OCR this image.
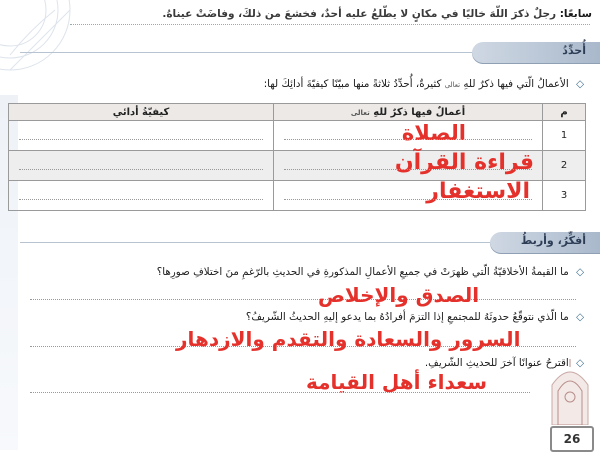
سابعًا: رجلٌ ذكرَ اللّهَ خاليًا في مكانٍ لا يطّلعُ عليه أحدٌ، فخشعَ من ذلكَ، وفاضَتْ عيناهُ.
أُحدِّدُ
◇ الأعمالُ الّتي فيها ذكرٌ للهِ تعالى كثيرةٌ، أُحدِّدُ ثلاثةً منها مبيّنًا كيفيّةَ أدائِكَ لها:
م	أعمالٌ فيها ذكرٌ للهِ تعالى	كيفيّةُ أدائي
1	الصلاة	

2	قراءة القرآن	

3	الاستغفار	

أفكِّرُ، وأربطُ
◇ ما القيمةُ الأخلاقيّةُ الّتي ظهرَتْ في جميعِ الأعمالِ المذكورةِ في الحديثِ بالرّغمِ منَ اختلافِ صورِها؟
الصدق والإخلاص
◇ ما الّذي نتوقّعُ حدوثَهُ للمجتمعِ إذا التزمَ أفرادُهُ بما يدعو إليهِ الحديثُ الشّريفُ؟
السرور والسعادة والتقدم والازدهار
◇ اقترحُ عنوانًا آخرَ للحديثِ الشّريفِ.
سعداء أهل القيامة
26
